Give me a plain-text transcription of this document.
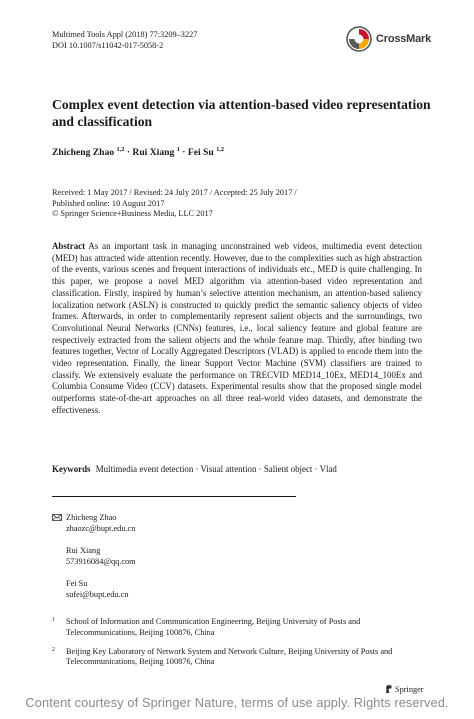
Multimed Tools Appl (2018) 77:3209–3227
DOI 10.1007/s11042-017-5058-2
CrossMark
Complex event detection via attention-based video representation and classification
Zhicheng Zhao $^{1,2}$ · Rui Xiang $^1$ · Fei Su $^{1,2}$
Received: 1 May 2017 / Revised: 24 July 2017 / Accepted: 25 July 2017 /
Published online: 10 August 2017
© Springer Science+Business Media, LLC 2017
Abstract As an important task in managing unconstrained web videos, multimedia event detection (MED) has attracted wide attention recently. However, due to the complexities such as high abstraction of the events, various scenes and frequent interactions of individuals etc., MED is quite challenging. In this paper, we propose a novel MED algorithm via attention-based video representation and classification. Firstly, inspired by human’s selective attention mechanism, an attention-based saliency localization network (ASLN) is constructed to quickly predict the semantic saliency objects of video frames. Afterwards, in order to complementarily represent salient objects and the surroundings, two Convolutional Neural Networks (CNNs) features, i.e., local saliency feature and global feature are respectively extracted from the salient objects and the whole feature map. Thirdly, after binding two features together, Vector of Locally Aggregated Descriptors (VLAD) is applied to encode them into the video representation. Finally, the linear Support Vector Machine (SVM) classifiers are trained to classify. We extensively evaluate the performance on TRECVID MED14_10Ex, MED14_100Ex and Columbia Consume Video (CCV) datasets. Experimental results show that the proposed single model outperforms state-of-the-art approaches on all three real-world video datasets, and demonstrate the effectiveness.
Keywords Multimedia event detection · Visual attention · Salient object · Vlad
Zhicheng Zhao
zhaozc@bupt.edu.cn
Rui Xiang
573916084@qq.com
Fei Su
sufei@bupt.edu.cn
1 School of Information and Communication Engineering, Beijing University of Posts and
Telecommunications, Beijing 100876, China
2 Beijing Key Laboratory of Network System and Network Culture, Beijing University of Posts and
Telecommunications, Beijing 100876, China
Springer
Content courtesy of Springer Nature, terms of use apply. Rights reserved.
